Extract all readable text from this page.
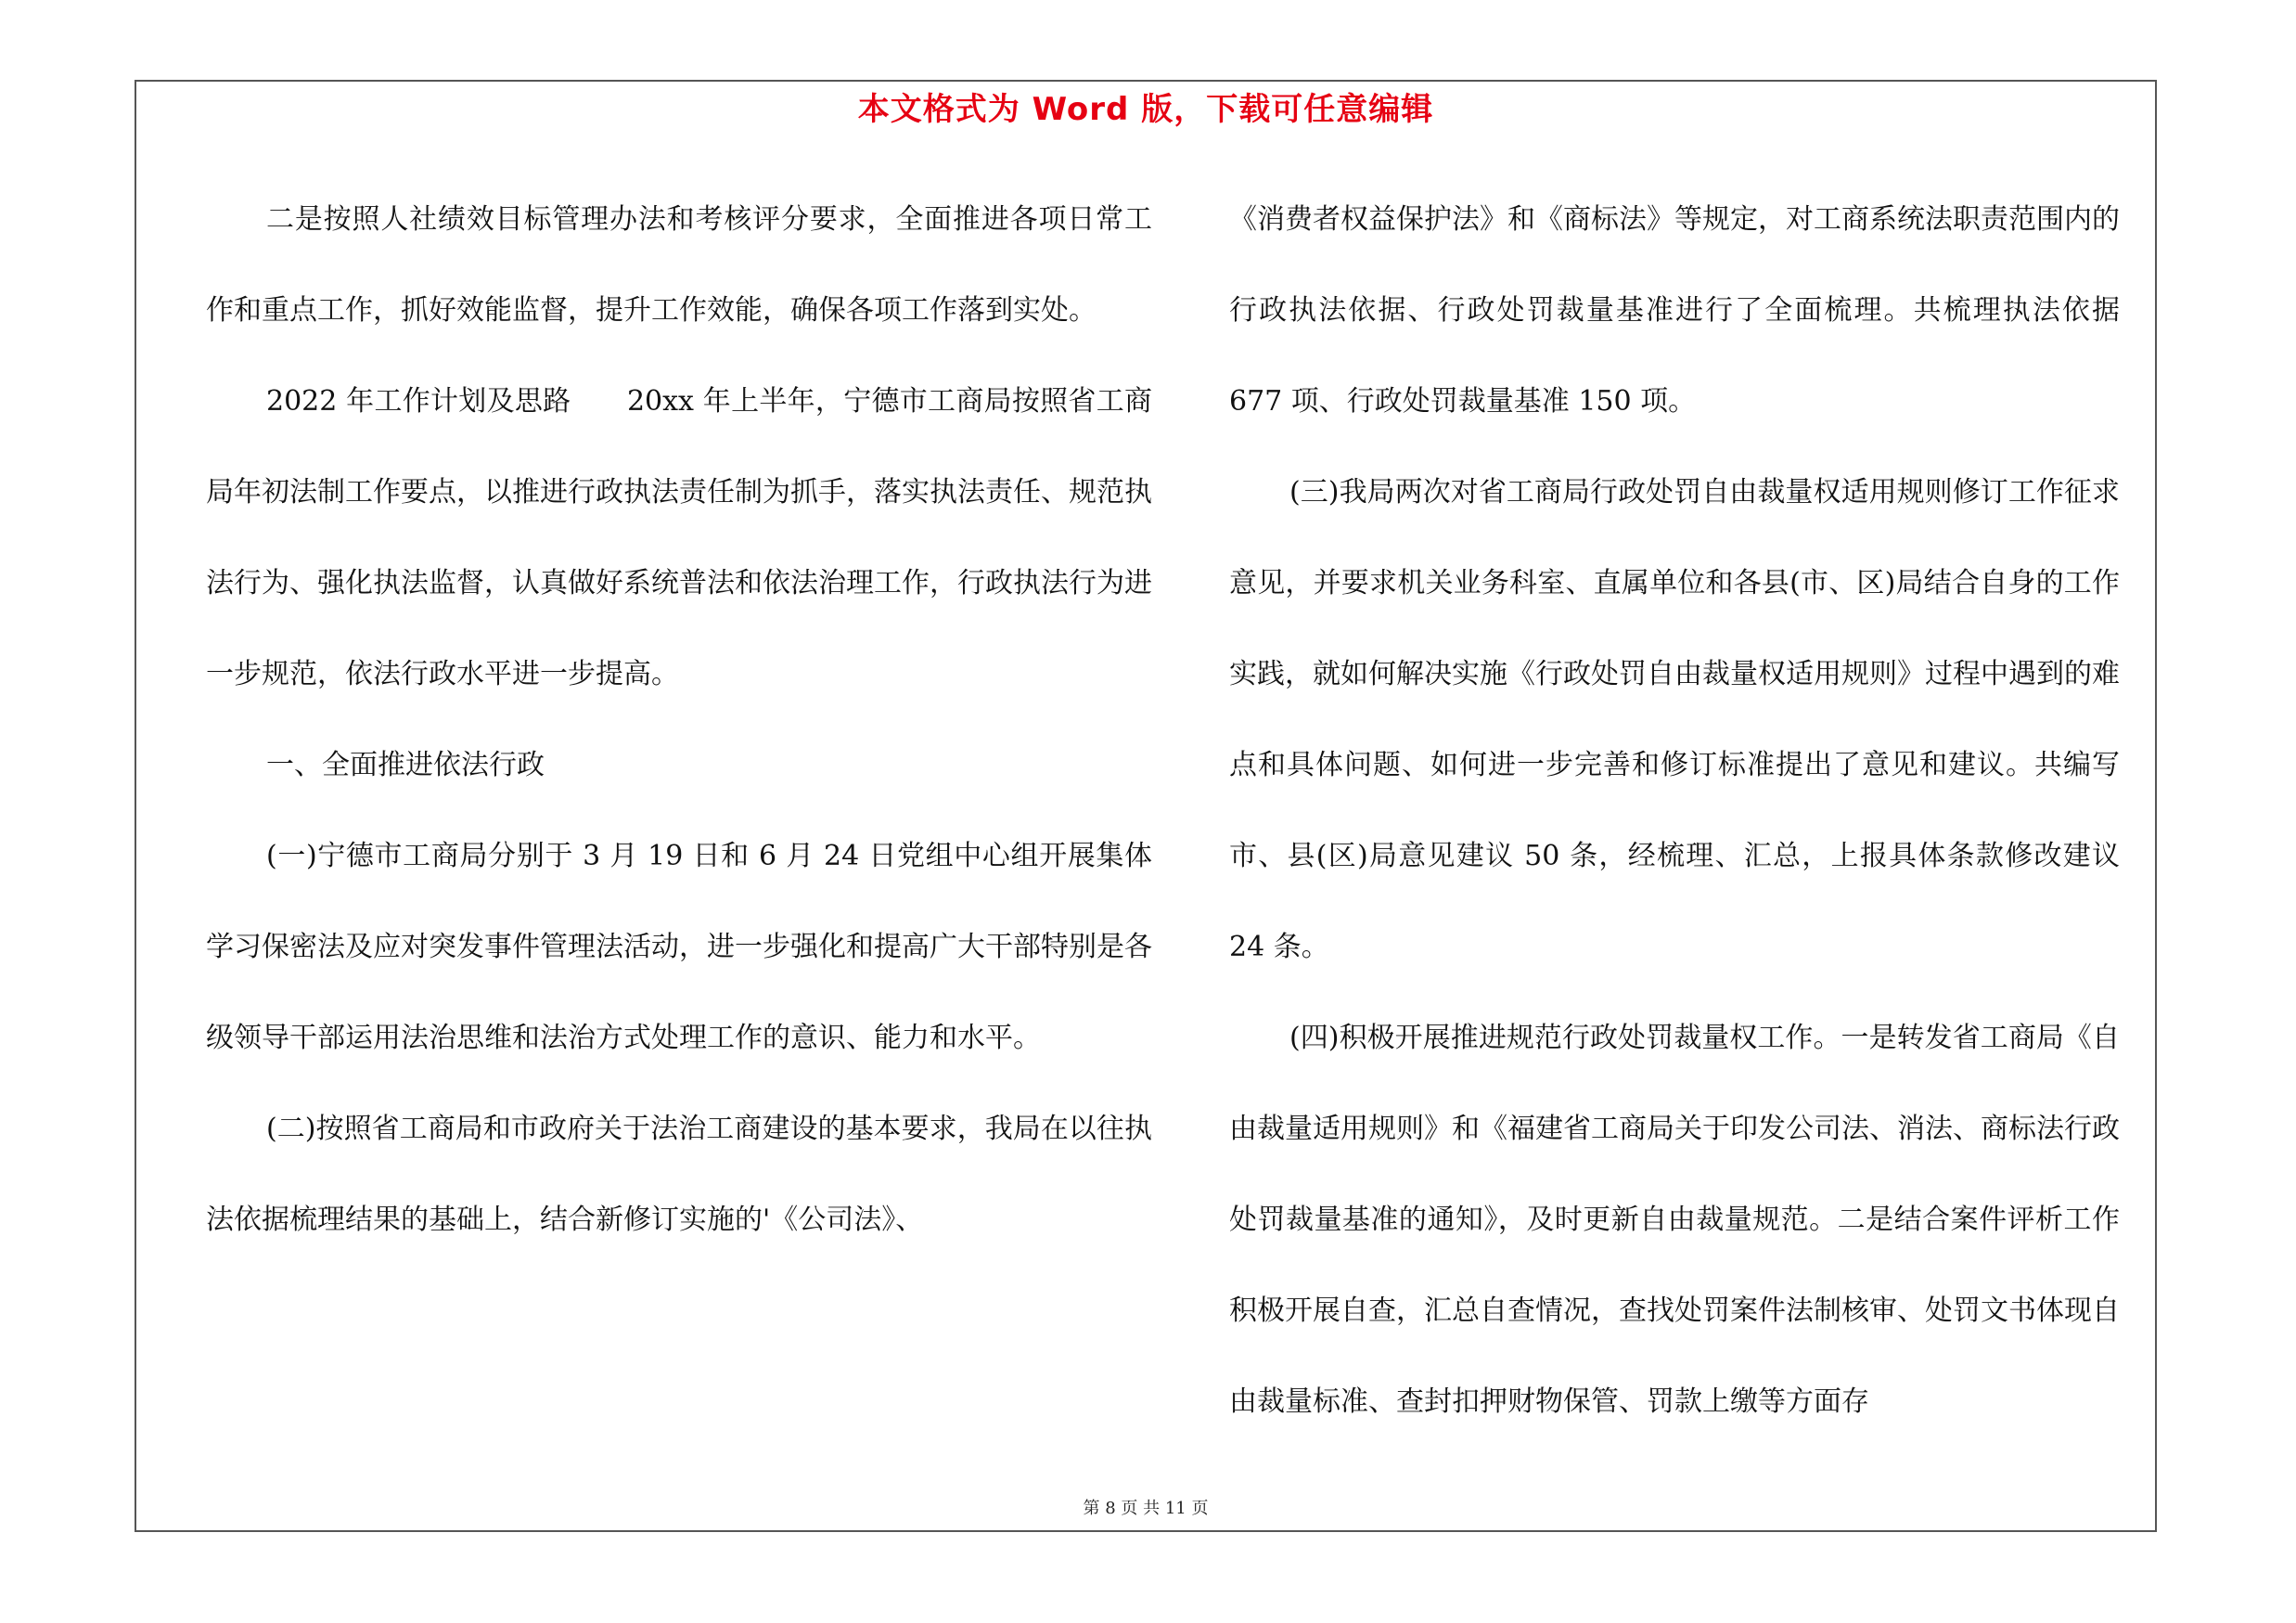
本文格式为 Word 版，下载可任意编辑

二是按照人社绩效目标管理办法和考核评分要求，全面推进各项日常工作和重点工作，抓好效能监督，提升工作效能，确保各项工作落到实处。

2022 年工作计划及思路　　20xx 年上半年，宁德市工商局按照省工商局年初法制工作要点，以推进行政执法责任制为抓手，落实执法责任、规范执法行为、强化执法监督，认真做好系统普法和依法治理工作，行政执法行为进一步规范，依法行政水平进一步提高。

一、全面推进依法行政

(一)宁德市工商局分别于 3 月 19 日和 6 月 24 日党组中心组开展集体学习保密法及应对突发事件管理法活动，进一步强化和提高广大干部特别是各级领导干部运用法治思维和法治方式处理工作的意识、能力和水平。

(二)按照省工商局和市政府关于法治工商建设的基本要求，我局在以往执法依据梳理结果的基础上，结合新修订实施的'《公司法》、

《消费者权益保护法》和《商标法》等规定，对工商系统法职责范围内的行政执法依据、行政处罚裁量基准进行了全面梳理。共梳理执法依据 677 项、行政处罚裁量基准 150 项。

(三)我局两次对省工商局行政处罚自由裁量权适用规则修订工作征求意见，并要求机关业务科室、直属单位和各县(市、区)局结合自身的工作实践，就如何解决实施《行政处罚自由裁量权适用规则》过程中遇到的难点和具体问题、如何进一步完善和修订标准提出了意见和建议。共编写市、县(区)局意见建议 50 条，经梳理、汇总，上报具体条款修改建议 24 条。

(四)积极开展推进规范行政处罚裁量权工作。一是转发省工商局《自由裁量适用规则》和《福建省工商局关于印发公司法、消法、商标法行政处罚裁量基准的通知》，及时更新自由裁量规范。二是结合案件评析工作积极开展自查，汇总自查情况，查找处罚案件法制核审、处罚文书体现自由裁量标准、查封扣押财物保管、罚款上缴等方面存

第 8 页 共 11 页
